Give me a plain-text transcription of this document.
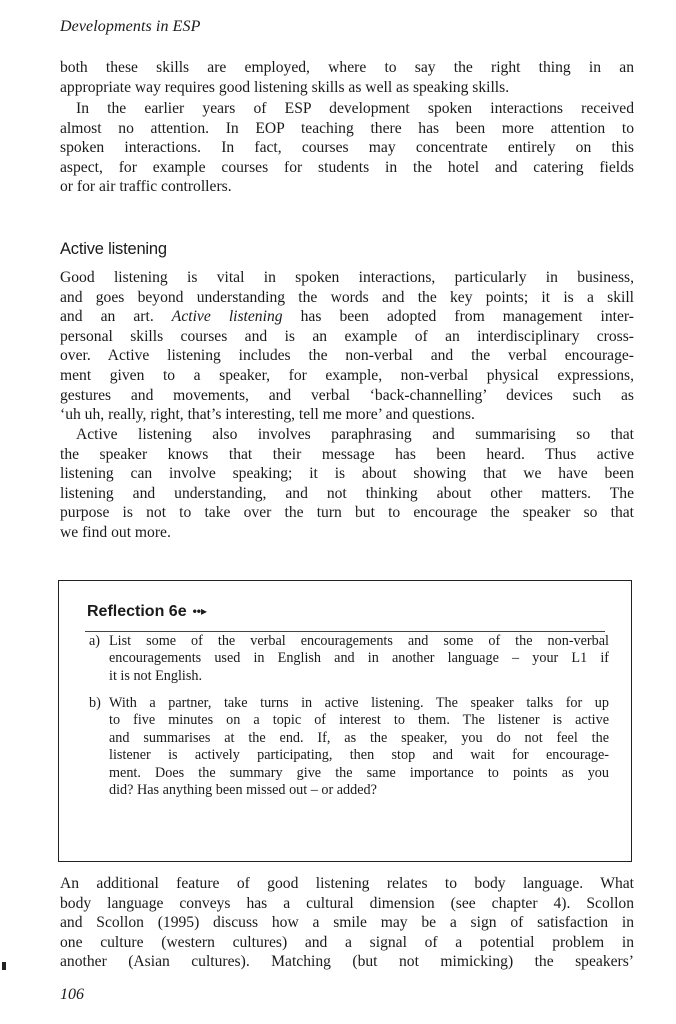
Developments in ESP

both these skills are employed, where to say the right thing in an
appropriate way requires good listening skills as well as speaking skills.

In the earlier years of ESP development spoken interactions received
almost no attention. In EOP teaching there has been more attention to
spoken interactions. In fact, courses may concentrate entirely on this
aspect, for example courses for students in the hotel and catering fields
or for air traffic controllers.

Active listening

Good listening is vital in spoken interactions, particularly in business,
and goes beyond understanding the words and the key points; it is a skill
and an art. Active listening has been adopted from management inter-
personal skills courses and is an example of an interdisciplinary cross-
over. Active listening includes the non-verbal and the verbal encourage-
ment given to a speaker, for example, non-verbal physical expressions,
gestures and movements, and verbal ‘back-channelling’ devices such as
‘uh uh, really, right, that’s interesting, tell me more’ and questions.

Active listening also involves paraphrasing and summarising so that
the speaker knows that their message has been heard. Thus active
listening can involve speaking; it is about showing that we have been
listening and understanding, and not thinking about other matters. The
purpose is not to take over the turn but to encourage the speaker so that
we find out more.

Reflection 6e ••▸
a) List some of the verbal encouragements and some of the non-verbal
encouragements used in English and in another language – your L1 if
it is not English.
b) With a partner, take turns in active listening. The speaker talks for up
to five minutes on a topic of interest to them. The listener is active
and summarises at the end. If, as the speaker, you do not feel the
listener is actively participating, then stop and wait for encourage-
ment. Does the summary give the same importance to points as you
did? Has anything been missed out – or added?

An additional feature of good listening relates to body language. What
body language conveys has a cultural dimension (see chapter 4). Scollon
and Scollon (1995) discuss how a smile may be a sign of satisfaction in
one culture (western cultures) and a signal of a potential problem in
another (Asian cultures). Matching (but not mimicking) the speakers’

106
